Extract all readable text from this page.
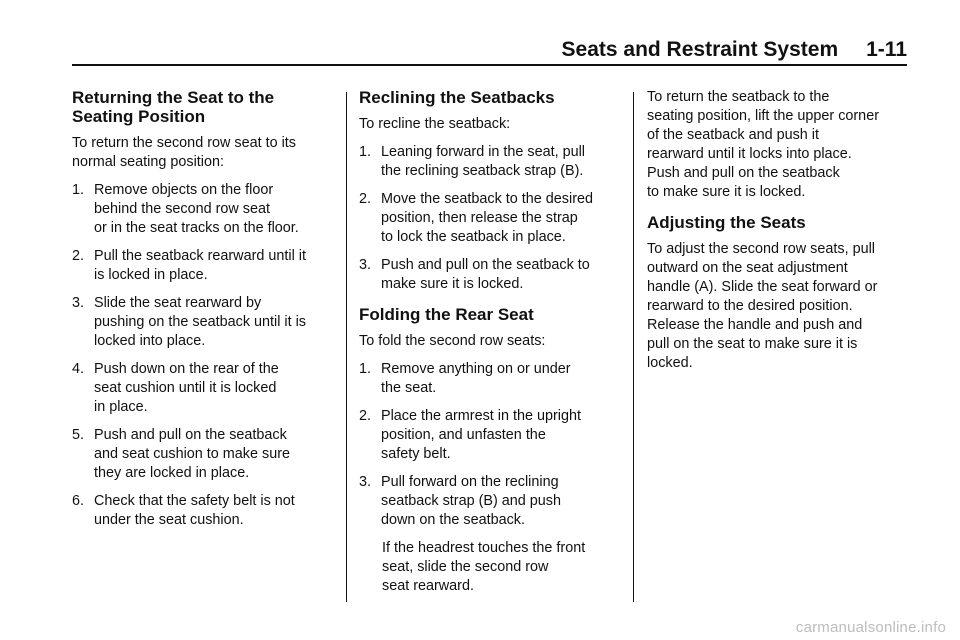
Seats and Restraint System 1-11
Returning the Seat to the
Seating Position

To return the second row seat to its
normal seating position:

1. Remove objects on the floor
behind the second row seat
or in the seat tracks on the floor.
2. Pull the seatback rearward until it
is locked in place.
3. Slide the seat rearward by
pushing on the seatback until it is
locked into place.
4. Push down on the rear of the
seat cushion until it is locked
in place.
5. Push and pull on the seatback
and seat cushion to make sure
they are locked in place.
6. Check that the safety belt is not
under the seat cushion.
Reclining the Seatbacks

To recline the seatback:

1. Leaning forward in the seat, pull
the reclining seatback strap (B).
2. Move the seatback to the desired
position, then release the strap
to lock the seatback in place.
3. Push and pull on the seatback to
make sure it is locked.
Folding the Rear Seat

To fold the second row seats:

1. Remove anything on or under
the seat.
2. Place the armrest in the upright
position, and unfasten the
safety belt.
3. Pull forward on the reclining
seatback strap (B) and push
down on the seatback.

If the headrest touches the front
seat, slide the second row
seat rearward.

To return the seatback to the
seating position, lift the upper corner
of the seatback and push it
rearward until it locks into place.
Push and pull on the seatback
to make sure it is locked.

Adjusting the Seats

To adjust the second row seats, pull
outward on the seat adjustment
handle (A). Slide the seat forward or
rearward to the desired position.
Release the handle and push and
pull on the seat to make sure it is
locked.

carmanualsonline.info
